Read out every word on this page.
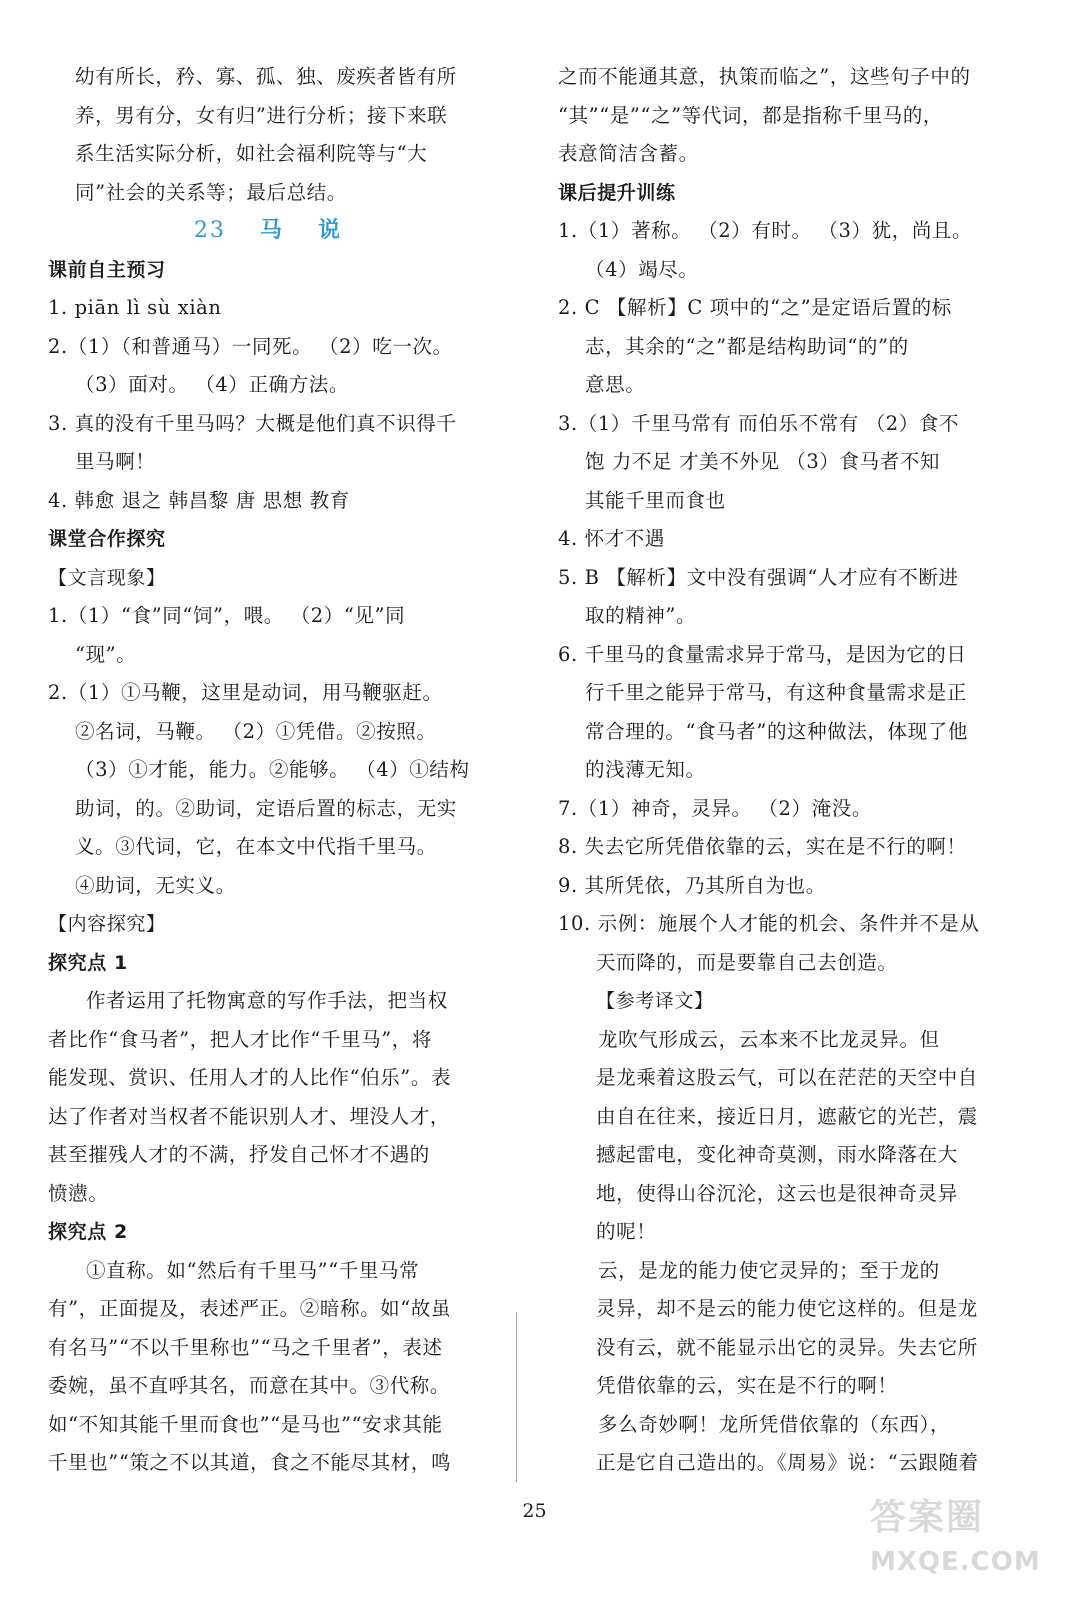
幼有所长，矜、寡、孤、独、废疾者皆有所
养，男有分，女有归”进行分析；接下来联
系生活实际分析，如社会福利院等与“大
同”社会的关系等；最后总结。
23 马 说
课前自主预习
1. piān lì sù xiàn
2.（1）（和普通马）一同死。 （2）吃一次。
（3）面对。 （4）正确方法。
3. 真的没有千里马吗？大概是他们真不识得千
里马啊！
4. 韩愈 退之 韩昌黎 唐 思想 教育
课堂合作探究
【文言现象】
1.（1）“食”同“饲”，喂。 （2）“见”同
“现”。
2.（1）①马鞭，这里是动词，用马鞭驱赶。
②名词，马鞭。 （2）①凭借。②按照。
（3）①才能，能力。②能够。 （4）①结构
助词，的。②助词，定语后置的标志，无实
义。③代词，它，在本文中代指千里马。
④助词，无实义。
【内容探究】
探究点 1
作者运用了托物寓意的写作手法，把当权
者比作“食马者”，把人才比作“千里马”，将
能发现、赏识、任用人才的人比作“伯乐”。表
达了作者对当权者不能识别人才、埋没人才，
甚至摧残人才的不满，抒发自己怀才不遇的
愤懑。
探究点 2
①直称。如“然后有千里马”“千里马常
有”，正面提及，表述严正。②暗称。如“故虽
有名马”“不以千里称也”“马之千里者”，表述
委婉，虽不直呼其名，而意在其中。③代称。
如“不知其能千里而食也”“是马也”“安求其能
千里也”“策之不以其道，食之不能尽其材，鸣
之而不能通其意，执策而临之”，这些句子中的
“其”“是”“之”等代词，都是指称千里马的，
表意简洁含蓄。
课后提升训练
1.（1）著称。 （2）有时。 （3）犹，尚且。
（4）竭尽。
2. C 【解析】C 项中的“之”是定语后置的标
志，其余的“之”都是结构助词“的”的
意思。
3.（1）千里马常有 而伯乐不常有 （2）食不
饱 力不足 才美不外见 （3）食马者不知
其能千里而食也
4. 怀才不遇
5. B 【解析】文中没有强调“人才应有不断进
取的精神”。
6. 千里马的食量需求异于常马，是因为它的日
行千里之能异于常马，有这种食量需求是正
常合理的。“食马者”的这种做法，体现了他
的浅薄无知。
7.（1）神奇，灵异。 （2）淹没。
8. 失去它所凭借依靠的云，实在是不行的啊！
9. 其所凭依，乃其所自为也。
10. 示例：施展个人才能的机会、条件并不是从
天而降的，而是要靠自己去创造。
【参考译文】
龙吹气形成云，云本来不比龙灵异。但
是龙乘着这股云气，可以在茫茫的天空中自
由自在往来，接近日月，遮蔽它的光芒，震
撼起雷电，变化神奇莫测，雨水降落在大
地，使得山谷沉沦，这云也是很神奇灵异
的呢！
云，是龙的能力使它灵异的；至于龙的
灵异，却不是云的能力使它这样的。但是龙
没有云，就不能显示出它的灵异。失去它所
凭借依靠的云，实在是不行的啊！
多么奇妙啊！龙所凭借依靠的（东西），
正是它自己造出的。《周易》说：“云跟随着
25	答案圈
MXQE.COM
